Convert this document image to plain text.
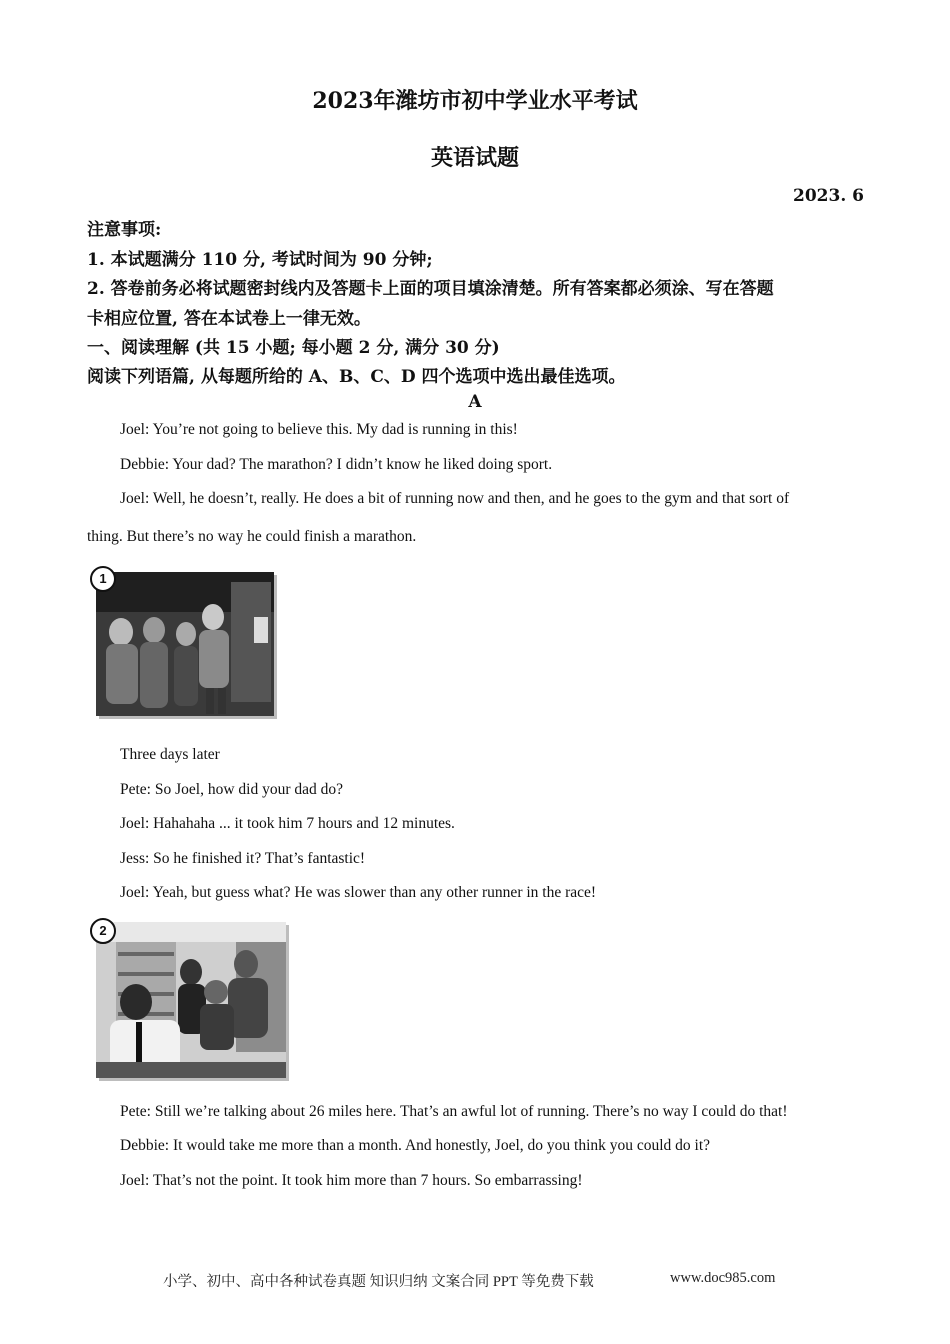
2023年潍坊市初中学业水平考试
英语试题
2023. 6
注意事项:
1. 本试题满分 110 分, 考试时间为 90 分钟;
2. 答卷前务必将试题密封线内及答题卡上面的项目填涂清楚。所有答案都必须涂、写在答题
卡相应位置, 答在本试卷上一律无效。
一、阅读理解 (共 15 小题; 每小题 2 分, 满分 30 分)
阅读下列语篇, 从每题所给的 A、B、C、D 四个选项中选出最佳选项。
A
Joel: You’re not going to believe this. My dad is running in this!
Debbie: Your dad? The marathon? I didn’t know he liked doing sport.
Joel: Well, he doesn’t, really. He does a bit of running now and then, and he goes to the gym and that sort of
thing. But there’s no way he could finish a marathon.
1
Three days later
Pete: So Joel, how did your dad do?
Joel: Hahahaha ... it took him 7 hours and 12 minutes.
Jess: So he finished it? That’s fantastic!
Joel: Yeah, but guess what? He was slower than any other runner in the race!
2
Pete: Still we’re talking about 26 miles here. That’s an awful lot of running. There’s no way I could do that!
Debbie: It would take me more than a month. And honestly, Joel, do you think you could do it?
Joel: That’s not the point. It took him more than 7 hours. So embarrassing!
小学、初中、高中各种试卷真题 知识归纳 文案合同 PPT 等免费下载	www.doc985.com
